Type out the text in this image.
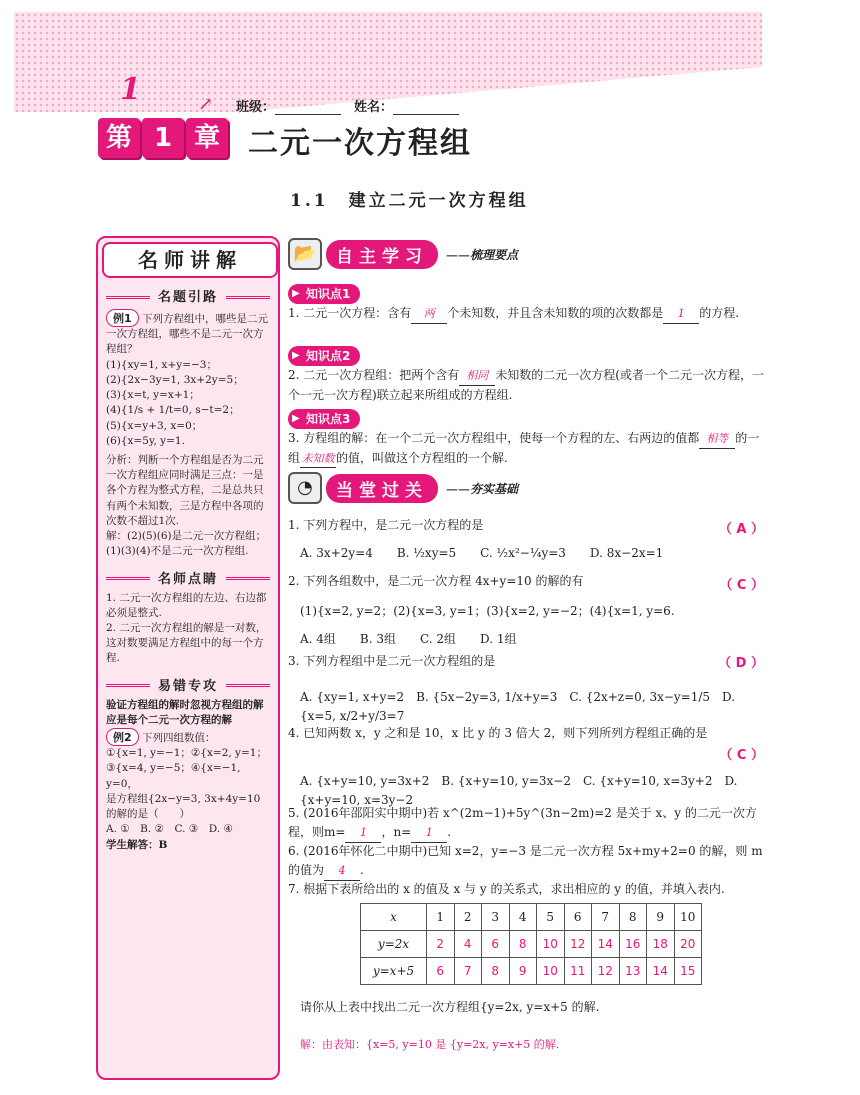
1	↗ 班级：　	姓名：
第 1 章 二元一次方程组
1.1　建立二元一次方程组
名师讲解
名题引路
例1 下列方程组中，哪些是二元一次方程组，哪些不是二元一次方程组？
(1){xy=1, x+y=−3；
(2){2x−3y=1, 3x+2y=5；
(3){x=t, y=x+1；
(4){1/s + 1/t=0, s−t=2；
(5){x=y+3, x=0；
(6){x=5y, y=1.
分析：判断一个方程组是否为二元一次方程组应同时满足三点：一是各个方程为整式方程，二是总共只有两个未知数，三是方程中各项的次数不超过1次.
解：(2)(5)(6)是二元一次方程组；(1)(3)(4)不是二元一次方程组.
名师点睛
1. 二元一次方程组的左边、右边都必须是整式.
2. 二元一次方程组的解是一对数，这对数要满足方程组中的每一个方程.
易错专攻
验证方程组的解时忽视方程组的解应是每个二元一次方程的解
例2 下列四组数值：
①{x=1, y=−1；②{x=2, y=1；③{x=4, y=−5；④{x=−1, y=0，
是方程组{2x−y=3, 3x+4y=10 的解的是（　　）
A. ①　B. ②　C. ③　D. ④
学生解答：B
📂	自主学习	—— 梳理要点
▶ 知识点1
1. 二元一次方程：含有 两 个未知数，并且含未知数的项的次数都是 1 的方程.
▶ 知识点2
2. 二元一次方程组：把两个含有 相同 未知数的二元一次方程(或者一个二元一次方程，一个一元一次方程)联立起来所组成的方程组.
▶ 知识点3
3. 方程组的解：在一个二元一次方程组中，使每一个方程的左、右两边的值都 相等 的一组 未知数 的值，叫做这个方程组的一个解.
◔	当堂过关	—— 夯实基础
1. 下列方程中，是二元一次方程的是	（ A ）
A. 3x+2y=4　　B. ½xy=5　　C. ½x²−¼y=3　　D. 8x−2x=1
2. 下列各组数中，是二元一次方程 4x+y=10 的解的有	（ C ）
(1){x=2, y=2；(2){x=3, y=1；(3){x=2, y=−2；(4){x=1, y=6.
A. 4组　　B. 3组　　C. 2组　　D. 1组
3. 下列方程组中是二元一次方程组的是	（ D ）
A. {xy=1, x+y=2　B. {5x−2y=3, 1/x+y=3　C. {2x+z=0, 3x−y=1/5　D. {x=5, x/2+y/3=7
4. 已知两数 x，y 之和是 10，x 比 y 的 3 倍大 2，则下列所列方程组正确的是
（ C ）
A. {x+y=10, y=3x+2　B. {x+y=10, y=3x−2　C. {x+y=10, x=3y+2　D. {x+y=10, x=3y−2
5. (2016年邵阳实中期中)若 x^(2m−1)+5y^(3n−2m)=2 是关于 x、y 的二元一次方程，则m= 1 ，n= 1 .
6. (2016年怀化二中期中)已知 x=2，y=−3 是二元一次方程 5x+my+2=0 的解，则 m 的值为 4 .
7. 根据下表所给出的 x 的值及 x 与 y 的关系式，求出相应的 y 的值，并填入表内.
x	1	2	3	4	5	6	7	8	9	10
y=2x	2	4	6	8	10	12	14	16	18	20
y=x+5	6	7	8	9	10	11	12	13	14	15
请你从上表中找出二元一次方程组{y=2x, y=x+5 的解.
解：由表知：{x=5, y=10 是 {y=2x, y=x+5 的解.
